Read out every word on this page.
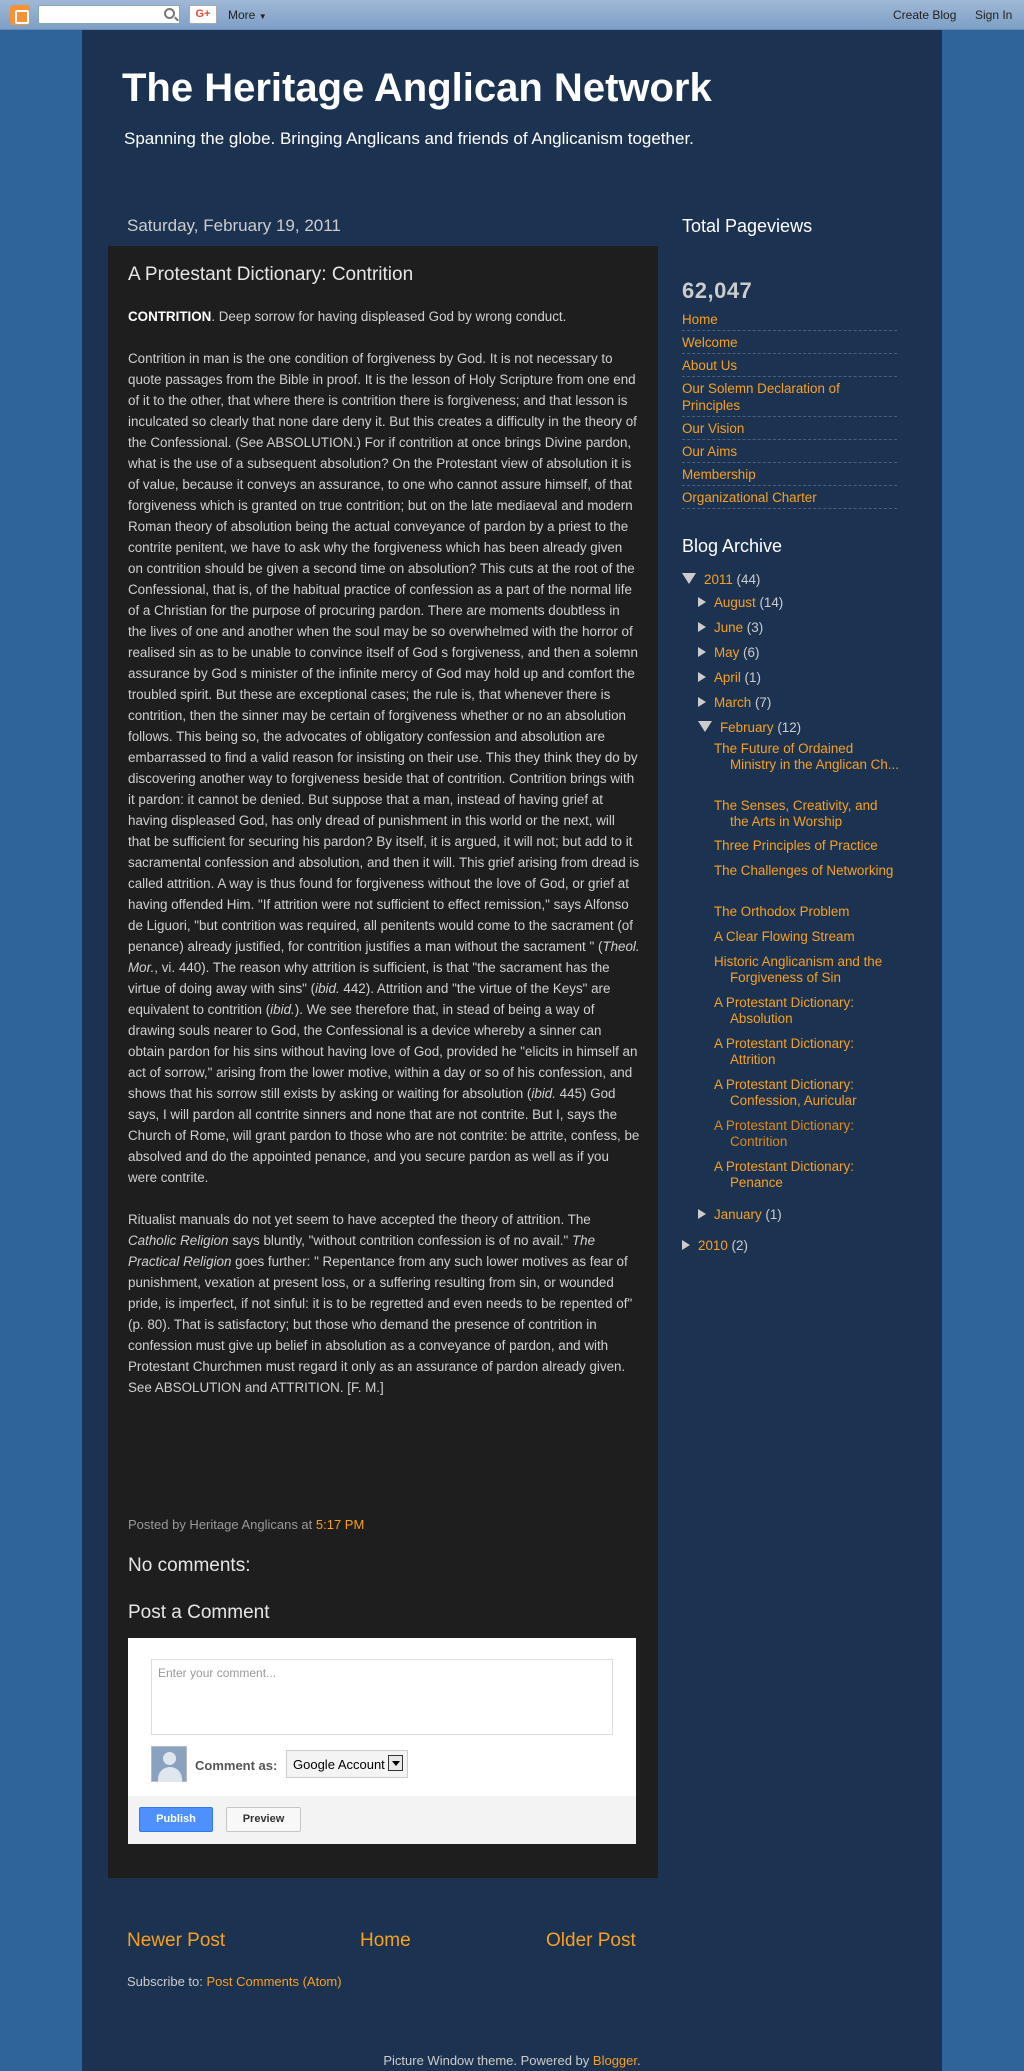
G+	More ▼	Create Blog Sign In
The Heritage Anglican Network
Spanning the globe. Bringing Anglicans and friends of Anglicanism together.
Saturday, February 19, 2011
A Protestant Dictionary: Contrition

CONTRITION. Deep sorrow for having displeased God by wrong conduct.

Contrition in man is the one condition of forgiveness by God. It is not necessary to quote passages from the Bible in proof. It is the lesson of Holy Scripture from one end of it to the other, that where there is contrition there is forgiveness; and that lesson is inculcated so clearly that none dare deny it. But this creates a difficulty in the theory of the Confessional. (See ABSOLUTION.) For if contrition at once brings Divine pardon, what is the use of a subsequent absolution? On the Protestant view of absolution it is of value, because it conveys an assurance, to one who cannot assure himself, of that forgiveness which is granted on true contrition; but on the late mediaeval and modern Roman theory of absolution being the actual conveyance of pardon by a priest to the contrite penitent, we have to ask why the forgiveness which has been already given on contrition should be given a second time on absolution? This cuts at the root of the Confessional, that is, of the habitual practice of confession as a part of the normal life of a Christian for the purpose of procuring pardon. There are moments doubtless in the lives of one and another when the soul may be so overwhelmed with the horror of realised sin as to be unable to convince itself of God s forgiveness, and then a solemn assurance by God s minister of the infinite mercy of God may hold up and comfort the troubled spirit. But these are exceptional cases; the rule is, that whenever there is contrition, then the sinner may be certain of forgiveness whether or no an absolution follows. This being so, the advocates of obligatory confession and absolution are embarrassed to find a valid reason for insisting on their use. This they think they do by discovering another way to forgiveness beside that of contrition. Contrition brings with it pardon: it cannot be denied. But suppose that a man, instead of having grief at having displeased God, has only dread of punishment in this world or the next, will that be sufficient for securing his pardon? By itself, it is argued, it will not; but add to it sacramental confession and absolution, and then it will. This grief arising from dread is called attrition. A way is thus found for forgiveness without the love of God, or grief at having offended Him. "If attrition were not sufficient to effect remission," says Alfonso de Liguori, "but contrition was required, all penitents would come to the sacrament (of penance) already justified, for contrition justifies a man without the sacrament " (Theol. Mor., vi. 440). The reason why attrition is sufficient, is that "the sacrament has the virtue of doing away with sins" (ibid. 442). Attrition and "the virtue of the Keys" are equivalent to contrition (ibid.). We see therefore that, in stead of being a way of drawing souls nearer to God, the Confessional is a device whereby a sinner can obtain pardon for his sins without having love of God, provided he "elicits in himself an act of sorrow," arising from the lower motive, within a day or so of his confession, and shows that his sorrow still exists by asking or waiting for absolution (ibid. 445) God says, I will pardon all contrite sinners and none that are not contrite. But I, says the Church of Rome, will grant pardon to those who are not contrite: be attrite, confess, be absolved and do the appointed penance, and you secure pardon as well as if you were contrite.

Ritualist manuals do not yet seem to have accepted the theory of attrition. The Catholic Religion says bluntly, "without contrition confession is of no avail." The Practical Religion goes further: " Repentance from any such lower motives as fear of punishment, vexation at present loss, or a suffering resulting from sin, or wounded pride, is imperfect, if not sinful: it is to be regretted and even needs to be repented of" (p. 80). That is satisfactory; but those who demand the presence of contrition in confession must give up belief in absolution as a conveyance of pardon, and with Protestant Churchmen must regard it only as an assurance of pardon already given. See ABSOLUTION and ATTRITION. [F. M.]

Posted by Heritage Anglicans at 5:17 PM
No comments:
Post a Comment
Enter your comment...
Comment as: Google Account
Publish	Preview
Newer Post	Home	Older Post
Subscribe to: Post Comments (Atom)
Picture Window theme. Powered by Blogger.
Total Pageviews
62,047
Home
Welcome
About Us
Our Solemn Declaration of Principles
Our Vision
Our Aims
Membership
Organizational Charter
Blog Archive
2011 (44)
August (14)
June (3)
May (6)
April (1)
March (7)
February (12)
The Future of Ordained Ministry in the Anglican Ch...
The Senses, Creativity, and the Arts in Worship
Three Principles of Practice
The Challenges of Networking
The Orthodox Problem
A Clear Flowing Stream
Historic Anglicanism and the Forgiveness of Sin
A Protestant Dictionary: Absolution
A Protestant Dictionary: Attrition
A Protestant Dictionary: Confession, Auricular
A Protestant Dictionary: Contrition
A Protestant Dictionary: Penance
January (1)
2010 (2)
